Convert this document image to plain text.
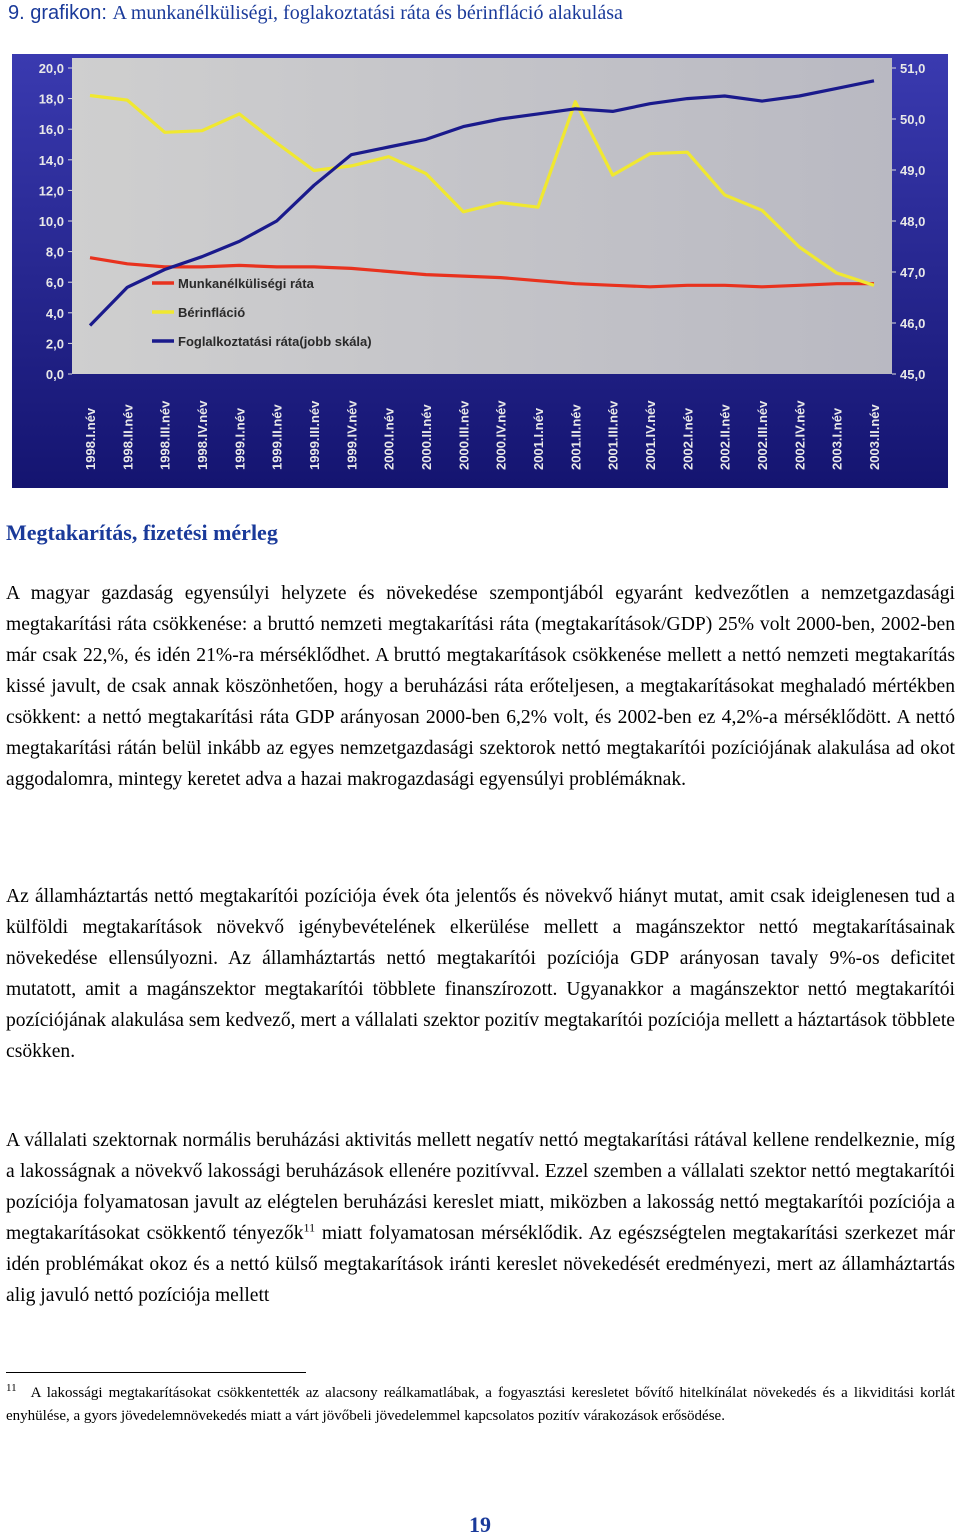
9. grafikon: A munkanélküliségi, foglakoztatási ráta és bérinfláció alakulása
0,0
2,0
4,0
6,0
8,0
10,0
12,0
14,0
16,0
18,0
20,0
45,0
46,0
47,0
48,0
49,0
50,0
51,0
1998.I.név 1998.II.név 1998.III.név 1998.IV.név 1999.I.név 1999.II.név 1999.III.név 1999.IV.név 2000.I.név 2000.II.név 2000.III.név 2000.IV.név 2001.I.név 2001.II.név 2001.III.név 2001.IV.név 2002.I.név 2002.II.név 2002.III.név 2002.IV.név 2003.I.név 2003.II.név
Munkanélküliségi ráta
Bérinfláció
Foglalkoztatási ráta(jobb skála)
Megtakarítás, fizetési mérleg

A magyar gazdaság egyensúlyi helyzete és növekedése szempontjából egyaránt kedvezőtlen a nemzetgazdasági megtakarítási ráta csökkenése: a bruttó nemzeti megtakarítási ráta (megtakarítások/GDP) 25% volt 2000-ben, 2002-ben már csak 22,%, és idén 21%-ra mérséklődhet. A bruttó megtakarítások csökkenése mellett a nettó nemzeti megtakarítás kissé javult, de csak annak köszönhetően, hogy a beruházási ráta erőteljesen, a megtakarításokat meghaladó mértékben csökkent: a nettó megtakarítási ráta GDP arányosan 2000-ben 6,2% volt, és 2002-ben ez 4,2%-a mérséklődött. A nettó megtakarítási rátán belül inkább az egyes nemzetgazdasági szektorok nettó megtakarítói pozíciójának alakulása ad okot aggodalomra, mintegy keretet adva a hazai makrogazdasági egyensúlyi problémáknak.

Az államháztartás nettó megtakarítói pozíciója évek óta jelentős és növekvő hiányt mutat, amit csak ideiglenesen tud a külföldi megtakarítások növekvő igénybevételének elkerülése mellett a magánszektor nettó megtakarításainak növekedése ellensúlyozni. Az államháztartás nettó megtakarítói pozíciója GDP arányosan tavaly 9%-os deficitet mutatott, amit a magánszektor megtakarítói többlete finanszírozott. Ugyanakkor a magánszektor nettó megtakarítói pozíciójának alakulása sem kedvező, mert a vállalati szektor pozitív megtakarítói pozíciója mellett a háztartások többlete csökken.

A vállalati szektornak normális beruházási aktivitás mellett negatív nettó megtakarítási rátával kellene rendelkeznie, míg a lakosságnak a növekvő lakossági beruházások ellenére pozitívval. Ezzel szemben a vállalati szektor nettó megtakarítói pozíciója folyamatosan javult az elégtelen beruházási kereslet miatt, miközben a lakosság nettó megtakarítói pozíciója a megtakarításokat csökkentő tényezők$^{11}$ miatt folyamatosan mérséklődik. Az egészségtelen megtakarítási szerkezet már idén problémákat okoz és a nettó külső megtakarítások iránti kereslet növekedését eredményezi, mert az államháztartás alig javuló nettó pozíciója mellett

$^{11}$ A lakossági megtakarításokat csökkentették az alacsony reálkamatlábak, a fogyasztási keresletet bővítő hitelkínálat növekedés és a likviditási korlát enyhülése, a gyors jövedelemnövekedés miatt a várt jövőbeli jövedelemmel kapcsolatos pozitív várakozások erősödése.

19
